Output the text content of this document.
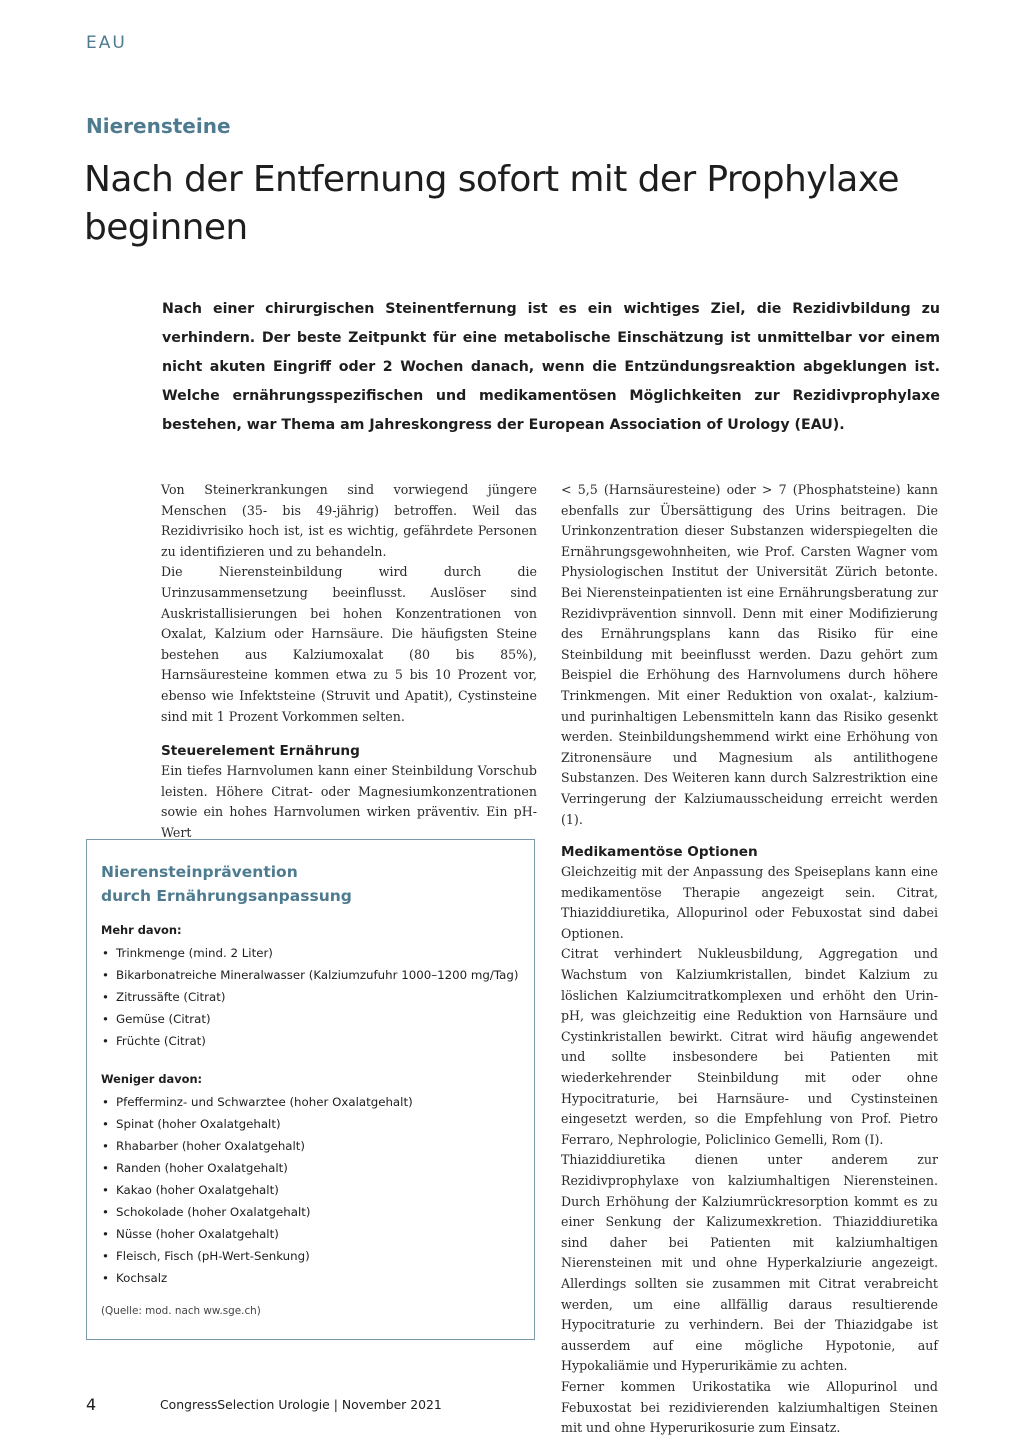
EAU
Nierensteine
Nach der Entfernung sofort mit der Prophylaxe beginnen

Nach einer chirurgischen Steinentfernung ist es ein wichtiges Ziel, die Rezidivbildung zu verhindern. Der beste Zeitpunkt für eine metabolische Einschätzung ist unmittelbar vor einem nicht akuten Eingriff oder 2 Wochen danach, wenn die Entzündungsreaktion abgeklungen ist. Welche ernährungsspezifischen und medikamentösen Möglichkeiten zur Rezidivprophylaxe bestehen, war Thema am Jahreskongress der European Association of Urology (EAU).

Von Steinerkrankungen sind vorwiegend jüngere Menschen (35- bis 49-jährig) betroffen. Weil das Rezidivrisiko hoch ist, ist es wichtig, gefährdete Personen zu identifizieren und zu behandeln.

Die Nierensteinbildung wird durch die Urinzusammensetzung beeinflusst. Auslöser sind Auskristallisierungen bei hohen Konzentrationen von Oxalat, Kalzium oder Harnsäure. Die häufigsten Steine bestehen aus Kalziumoxalat (80 bis 85%), Harnsäuresteine kommen etwa zu 5 bis 10 Prozent vor, ebenso wie Infektsteine (Struvit und Apatit), Cystinsteine sind mit 1 Prozent Vorkommen selten.

Steuerelement Ernährung

Ein tiefes Harnvolumen kann einer Steinbildung Vorschub leisten. Höhere Citrat- oder Magnesiumkonzentrationen sowie ein hohes Harnvolumen wirken präventiv. Ein pH-Wert

< 5,5 (Harnsäuresteine) oder > 7 (Phosphatsteine) kann ebenfalls zur Übersättigung des Urins beitragen. Die Urinkonzentration dieser Substanzen widerspiegelten die Ernährungsgewohnheiten, wie Prof. Carsten Wagner vom Physiologischen Institut der Universität Zürich betonte. Bei Nierensteinpatienten ist eine Ernährungsberatung zur Rezidivprävention sinnvoll. Denn mit einer Modifizierung des Ernährungsplans kann das Risiko für eine Steinbildung mit beeinflusst werden. Dazu gehört zum Beispiel die Erhöhung des Harnvolumens durch höhere Trinkmengen. Mit einer Reduktion von oxalat-, kalzium- und purinhaltigen Lebensmitteln kann das Risiko gesenkt werden. Steinbildungshemmend wirkt eine Erhöhung von Zitronensäure und Magnesium als antilithogene Substanzen. Des Weiteren kann durch Salzrestriktion eine Verringerung der Kalziumausscheidung erreicht werden (1).

Medikamentöse Optionen

Gleichzeitig mit der Anpassung des Speiseplans kann eine medikamentöse Therapie angezeigt sein. Citrat, Thiaziddiuretika, Allopurinol oder Febuxostat sind dabei Optionen.

Citrat verhindert Nukleusbildung, Aggregation und Wachstum von Kalziumkristallen, bindet Kalzium zu löslichen Kalziumcitratkomplexen und erhöht den Urin-pH, was gleichzeitig eine Reduktion von Harnsäure und Cystinkristallen bewirkt. Citrat wird häufig angewendet und sollte insbesondere bei Patienten mit wiederkehrender Steinbildung mit oder ohne Hypocitraturie, bei Harnsäure- und Cystinsteinen eingesetzt werden, so die Empfehlung von Prof. Pietro Ferraro, Nephrologie, Policlinico Gemelli, Rom (I).

Thiaziddiuretika dienen unter anderem zur Rezidivprophylaxe von kalziumhaltigen Nierensteinen. Durch Erhöhung der Kalziumrückresorption kommt es zu einer Senkung der Kalizumexkretion. Thiaziddiuretika sind daher bei Patienten mit kalziumhaltigen Nierensteinen mit und ohne Hyperkalziurie angezeigt. Allerdings sollten sie zusammen mit Citrat verabreicht werden, um eine allfällig daraus resultierende Hypocitraturie zu verhindern. Bei der Thiazidgabe ist ausserdem auf eine mögliche Hypotonie, auf Hypokaliämie und Hyperurikämie zu achten.

Ferner kommen Urikostatika wie Allopurinol und Febuxostat bei rezidivierenden kalziumhaltigen Steinen mit und ohne Hyperurikosurie zum Einsatz.

Nierensteinprävention
durch Ernährungsanpassung
Mehr davon:
• Trinkmenge (mind. 2 Liter)
• Bikarbonatreiche Mineralwasser (Kalziumzufuhr 1000–1200 mg/Tag)
• Zitrussäfte (Citrat)
• Gemüse (Citrat)
• Früchte (Citrat)
Weniger davon:
• Pfefferminz- und Schwarztee (hoher Oxalatgehalt)
• Spinat (hoher Oxalatgehalt)
• Rhabarber (hoher Oxalatgehalt)
• Randen (hoher Oxalatgehalt)
• Kakao (hoher Oxalatgehalt)
• Schokolade (hoher Oxalatgehalt)
• Nüsse (hoher Oxalatgehalt)
• Fleisch, Fisch (pH-Wert-Senkung)
• Kochsalz
(Quelle: mod. nach ww.sge.ch)
4	CongressSelection Urologie | November 2021
